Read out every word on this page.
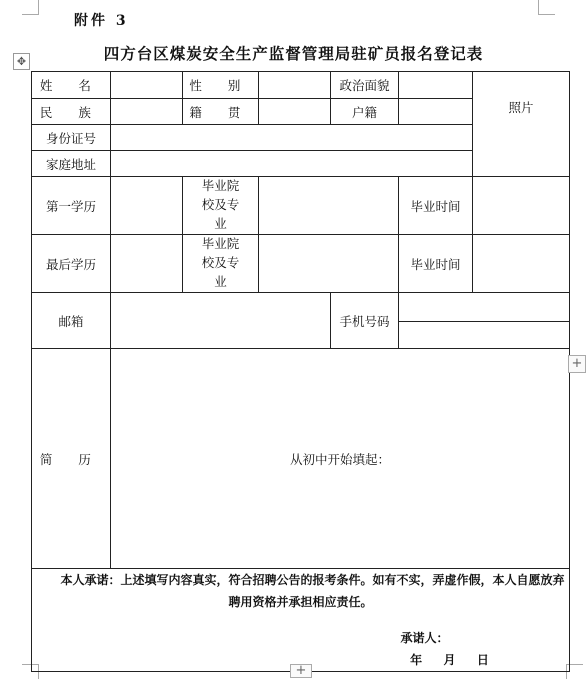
附件 3
四方台区煤炭安全生产监督管理局驻矿员报名登记表
✥
姓 名		性 别		政治面貌		照片
民 族		籍 贯		户籍		
身份证号						
家庭地址						
第一学历		毕业院校及专业			毕业时间	
最后学历		毕业院校及专业			毕业时间	
邮箱				手机号码		

简 历	从初中开始填起：					

本人承诺：上述填写内容真实，符合招聘公告的报考条件。如有不实，弄虚作假，本人自愿放弃聘用资格并承担相应责任。
承诺人：
年 月 日						
+
+
